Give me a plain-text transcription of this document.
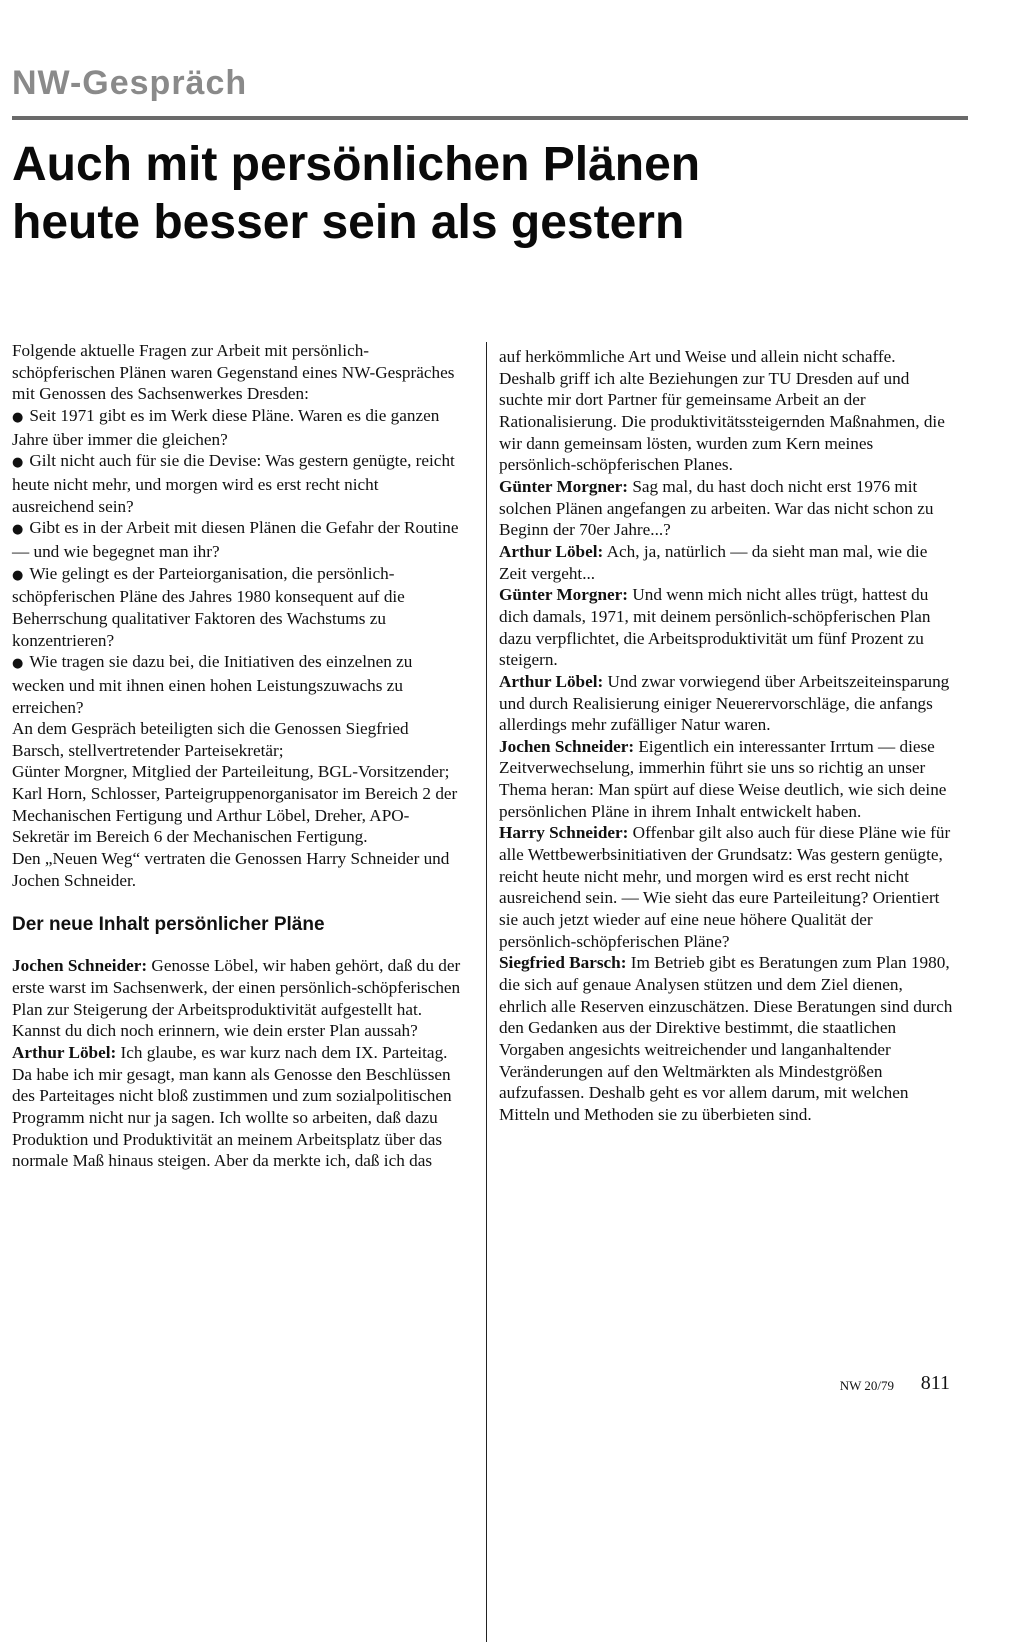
NW-Gespräch
Auch mit persönlichen Plänen
heute besser sein als gestern

Folgende aktuelle Fragen zur Arbeit mit persönlich-schöpferischen Plänen waren Gegenstand eines NW-Gespräches mit Genossen des Sachsenwerkes Dresden:

● Seit 1971 gibt es im Werk diese Pläne. Waren es die ganzen Jahre über immer die gleichen?

● Gilt nicht auch für sie die Devise: Was gestern genügte, reicht heute nicht mehr, und morgen wird es erst recht nicht ausreichend sein?

● Gibt es in der Arbeit mit diesen Plänen die Gefahr der Routine — und wie begegnet man ihr?

● Wie gelingt es der Parteiorganisation, die persönlich-schöpferischen Pläne des Jahres 1980 konsequent auf die Beherrschung qualitativer Faktoren des Wachstums zu konzentrieren?

● Wie tragen sie dazu bei, die Initiativen des einzelnen zu wecken und mit ihnen einen hohen Leistungszuwachs zu erreichen?

An dem Gespräch beteiligten sich die Genossen Siegfried Barsch, stellvertretender Parteisekretär;

Günter Morgner, Mitglied der Parteileitung, BGL-Vorsitzender;

Karl Horn, Schlosser, Parteigruppenorganisator im Bereich 2 der Mechanischen Fertigung und Arthur Löbel, Dreher, APO-Sekretär im Bereich 6 der Mechanischen Fertigung.

Den „Neuen Weg“ vertraten die Genossen Harry Schneider und Jochen Schneider.

Der neue Inhalt persönlicher Pläne

Jochen Schneider: Genosse Löbel, wir haben gehört, daß du der erste warst im Sachsenwerk, der einen persönlich-schöpferischen Plan zur Steigerung der Arbeitsproduktivität aufgestellt hat. Kannst du dich noch erinnern, wie dein erster Plan aussah?

Arthur Löbel: Ich glaube, es war kurz nach dem IX. Parteitag. Da habe ich mir gesagt, man kann als Genosse den Beschlüssen des Parteitages nicht bloß zustimmen und zum sozialpolitischen Programm nicht nur ja sagen. Ich wollte so arbeiten, daß dazu Produktion und Produktivität an meinem Arbeitsplatz über das normale Maß hinaus steigen. Aber da merkte ich, daß ich das

auf herkömmliche Art und Weise und allein nicht schaffe.

Deshalb griff ich alte Beziehungen zur TU Dresden auf und suchte mir dort Partner für gemeinsame Arbeit an der Rationalisierung. Die produktivitätssteigernden Maßnahmen, die wir dann gemeinsam lösten, wurden zum Kern meines persönlich-schöpferischen Planes.

Günter Morgner: Sag mal, du hast doch nicht erst 1976 mit solchen Plänen angefangen zu arbeiten. War das nicht schon zu Beginn der 70er Jahre...?

Arthur Löbel: Ach, ja, natürlich — da sieht man mal, wie die Zeit vergeht...

Günter Morgner: Und wenn mich nicht alles trügt, hattest du dich damals, 1971, mit deinem persönlich-schöpferischen Plan dazu verpflichtet, die Arbeitsproduktivität um fünf Prozent zu steigern.

Arthur Löbel: Und zwar vorwiegend über Arbeitszeiteinsparung und durch Realisierung einiger Neuerervorschläge, die anfangs allerdings mehr zufälliger Natur waren.

Jochen Schneider: Eigentlich ein interessanter Irrtum — diese Zeitverwechselung, immerhin führt sie uns so richtig an unser Thema heran: Man spürt auf diese Weise deutlich, wie sich deine persönlichen Pläne in ihrem Inhalt entwickelt haben.

Harry Schneider: Offenbar gilt also auch für diese Pläne wie für alle Wettbewerbsinitiativen der Grundsatz: Was gestern genügte, reicht heute nicht mehr, und morgen wird es erst recht nicht ausreichend sein. — Wie sieht das eure Parteileitung? Orientiert sie auch jetzt wieder auf eine neue höhere Qualität der persönlich-schöpferischen Pläne?

Siegfried Barsch: Im Betrieb gibt es Beratungen zum Plan 1980, die sich auf genaue Analysen stützen und dem Ziel dienen, ehrlich alle Reserven einzuschätzen. Diese Beratungen sind durch den Gedanken aus der Direktive bestimmt, die staatlichen Vorgaben angesichts weitreichender und langanhaltender Veränderungen auf den Weltmärkten als Mindestgrößen aufzufassen. Deshalb geht es vor allem darum, mit welchen Mitteln und Methoden sie zu überbieten sind.

NW 20/79 811
